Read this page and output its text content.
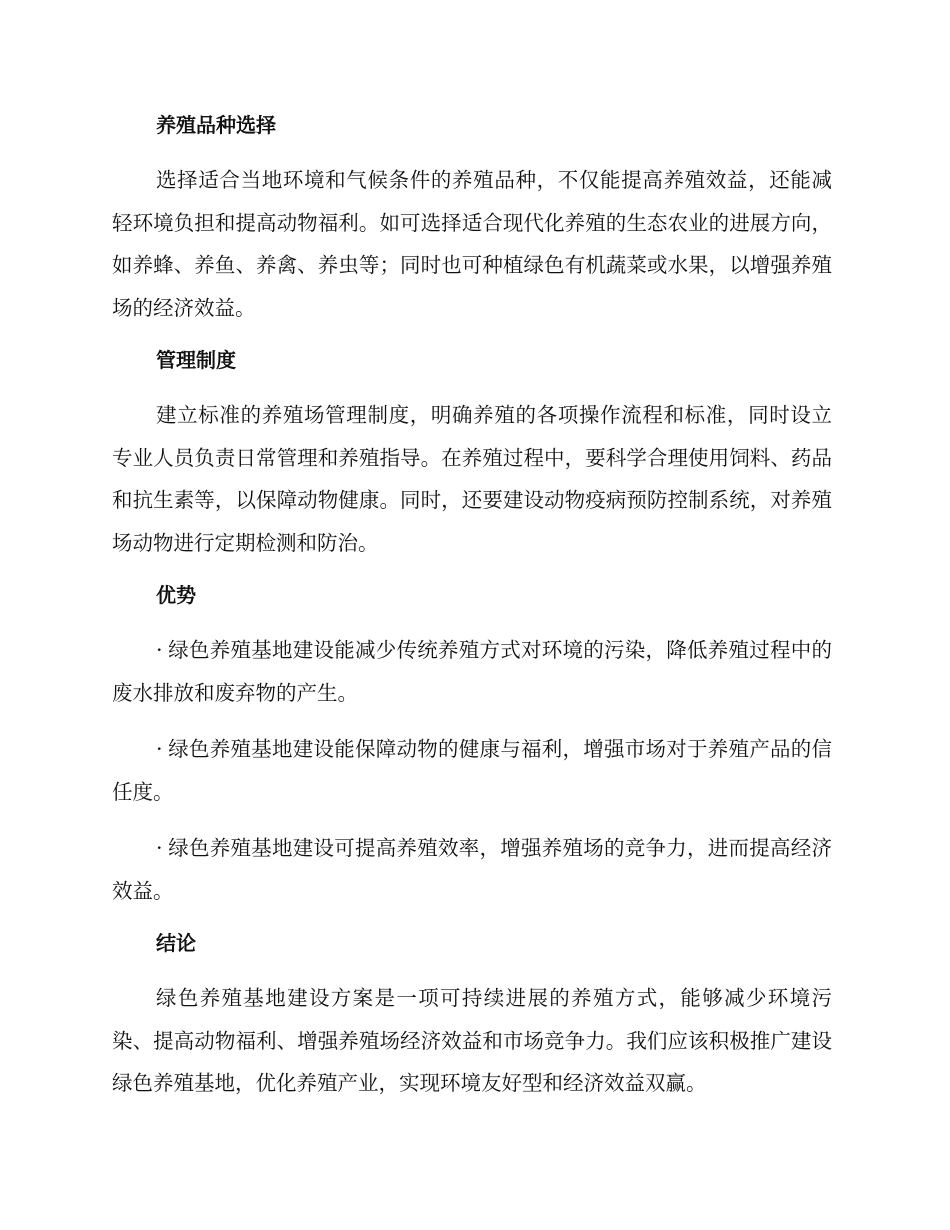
养殖品种选择

选择适合当地环境和气候条件的养殖品种，不仅能提高养殖效益，还能减轻环境负担和提高动物福利。如可选择适合现代化养殖的生态农业的进展方向，如养蜂、养鱼、养禽、养虫等；同时也可种植绿色有机蔬菜或水果，以增强养殖场的经济效益。

管理制度

建立标准的养殖场管理制度，明确养殖的各项操作流程和标准，同时设立专业人员负责日常管理和养殖指导。在养殖过程中，要科学合理使用饲料、药品和抗生素等，以保障动物健康。同时，还要建设动物疫病预防控制系统，对养殖场动物进行定期检测和防治。

优势

· 绿色养殖基地建设能减少传统养殖方式对环境的污染，降低养殖过程中的废水排放和废弃物的产生。

· 绿色养殖基地建设能保障动物的健康与福利，增强市场对于养殖产品的信任度。

· 绿色养殖基地建设可提高养殖效率，增强养殖场的竞争力，进而提高经济效益。

结论

绿色养殖基地建设方案是一项可持续进展的养殖方式，能够减少环境污染、提高动物福利、增强养殖场经济效益和市场竞争力。我们应该积极推广建设绿色养殖基地，优化养殖产业，实现环境友好型和经济效益双赢。
